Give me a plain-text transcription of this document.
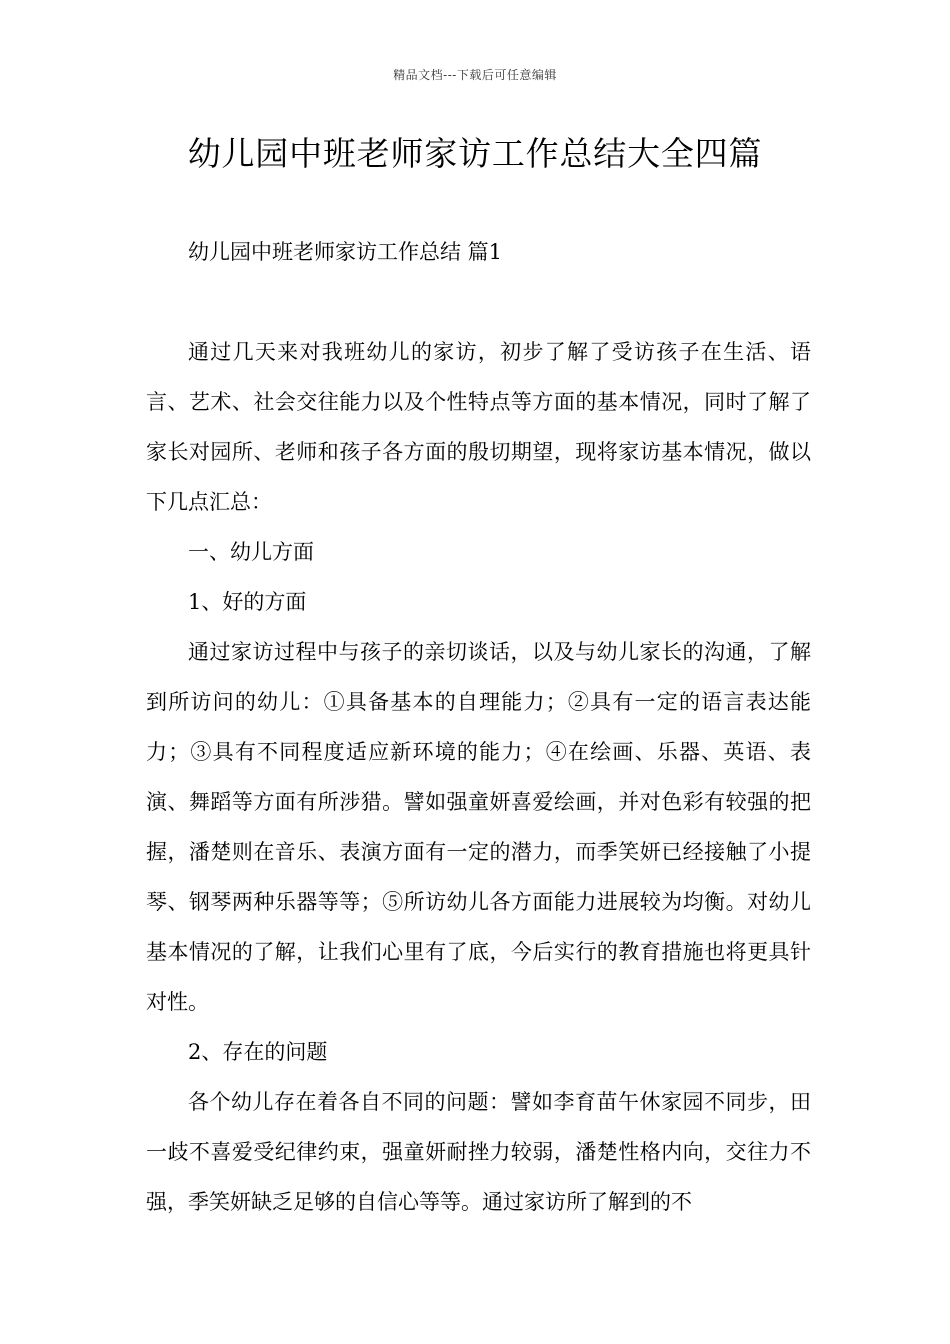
精品文档---下载后可任意编辑
幼儿园中班老师家访工作总结大全四篇
幼儿园中班老师家访工作总结 篇1

通过几天来对我班幼儿的家访，初步了解了受访孩子在生活、语言、艺术、社会交往能力以及个性特点等方面的基本情况，同时了解了家长对园所、老师和孩子各方面的殷切期望，现将家访基本情况，做以下几点汇总：

一、幼儿方面

1、好的方面

通过家访过程中与孩子的亲切谈话，以及与幼儿家长的沟通，了解到所访问的幼儿：①具备基本的自理能力；②具有一定的语言表达能力；③具有不同程度适应新环境的能力；④在绘画、乐器、英语、表演、舞蹈等方面有所涉猎。譬如强童妍喜爱绘画，并对色彩有较强的把握，潘楚则在音乐、表演方面有一定的潜力，而季笑妍已经接触了小提琴、钢琴两种乐器等等；⑤所访幼儿各方面能力进展较为均衡。对幼儿基本情况的了解，让我们心里有了底，今后实行的教育措施也将更具针对性。

2、存在的问题

各个幼儿存在着各自不同的问题：譬如李育苗午休家园不同步，田一歧不喜爱受纪律约束，强童妍耐挫力较弱，潘楚性格内向，交往力不强，季笑妍缺乏足够的自信心等等。通过家访所了解到的不
